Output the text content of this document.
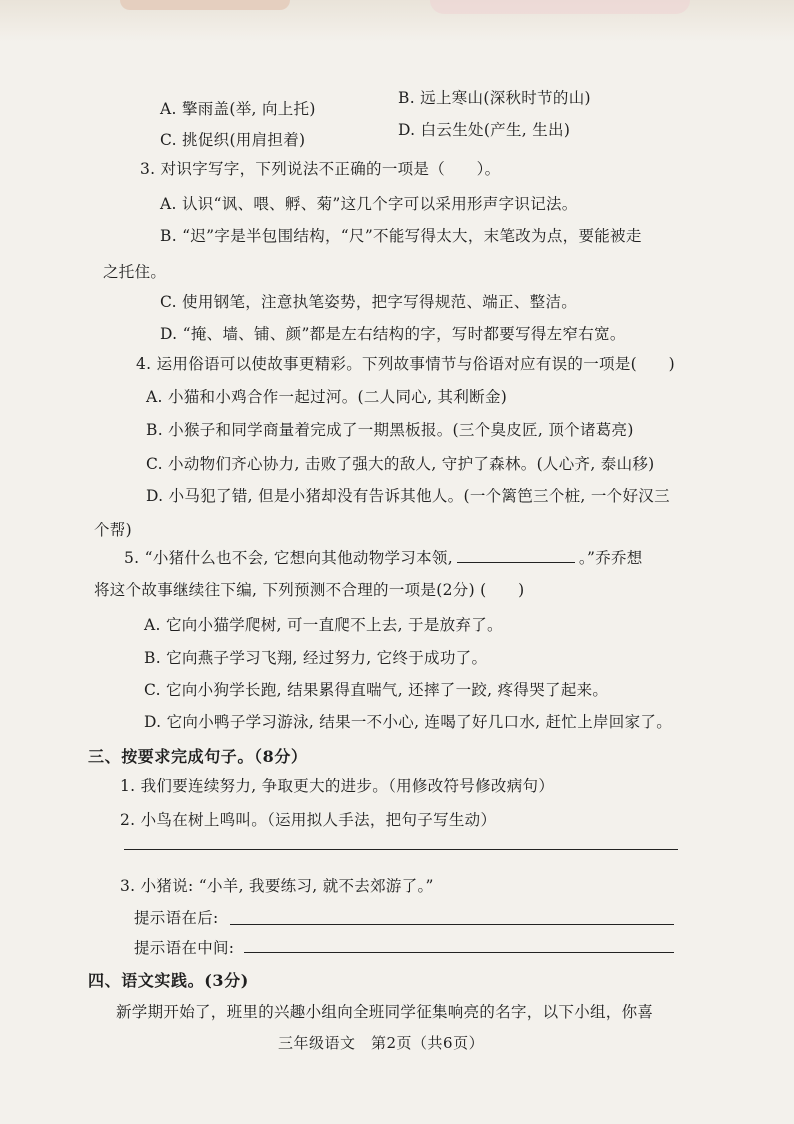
A. 擎雨盖(举, 向上托)
B. 远上寒山(深秋时节的山)
C. 挑促织(用肩担着)
D. 白云生处(产生, 生出)
3. 对识字写字，下列说法不正确的一项是（　　）。
A. 认识“讽、喂、孵、菊”这几个字可以采用形声字识记法。
B. “迟”字是半包围结构，“尺”不能写得太大，末笔改为点，要能被走
之托住。
C. 使用钢笔，注意执笔姿势，把字写得规范、端正、整洁。
D. “掩、墙、铺、颜”都是左右结构的字，写时都要写得左窄右宽。
4. 运用俗语可以使故事更精彩。下列故事情节与俗语对应有误的一项是(　　)
A. 小猫和小鸡合作一起过河。(二人同心, 其利断金)
B. 小猴子和同学商量着完成了一期黑板报。(三个臭皮匠, 顶个诸葛亮)
C. 小动物们齐心协力, 击败了强大的敌人, 守护了森林。(人心齐, 泰山移)
D. 小马犯了错, 但是小猪却没有告诉其他人。(一个篱笆三个桩, 一个好汉三
个帮)
5. “小猪什么也不会, 它想向其他动物学习本领,	。”乔乔想
将这个故事继续往下编, 下列预测不合理的一项是(2分) (　　)
A. 它向小猫学爬树, 可一直爬不上去, 于是放弃了。
B. 它向燕子学习飞翔, 经过努力, 它终于成功了。
C. 它向小狗学长跑, 结果累得直喘气, 还摔了一跤, 疼得哭了起来。
D. 它向小鸭子学习游泳, 结果一不小心, 连喝了好几口水, 赶忙上岸回家了。
三、按要求完成句子。（8分）
1. 我们要连续努力, 争取更大的进步。（用修改符号修改病句）
2. 小鸟在树上鸣叫。（运用拟人手法，把句子写生动）
3. 小猪说: “小羊, 我要练习, 就不去郊游了。”
提示语在后:
提示语在中间:
四、语文实践。(3分)
新学期开始了，班里的兴趣小组向全班同学征集响亮的名字，以下小组，你喜
三年级语文　第2页（共6页）
